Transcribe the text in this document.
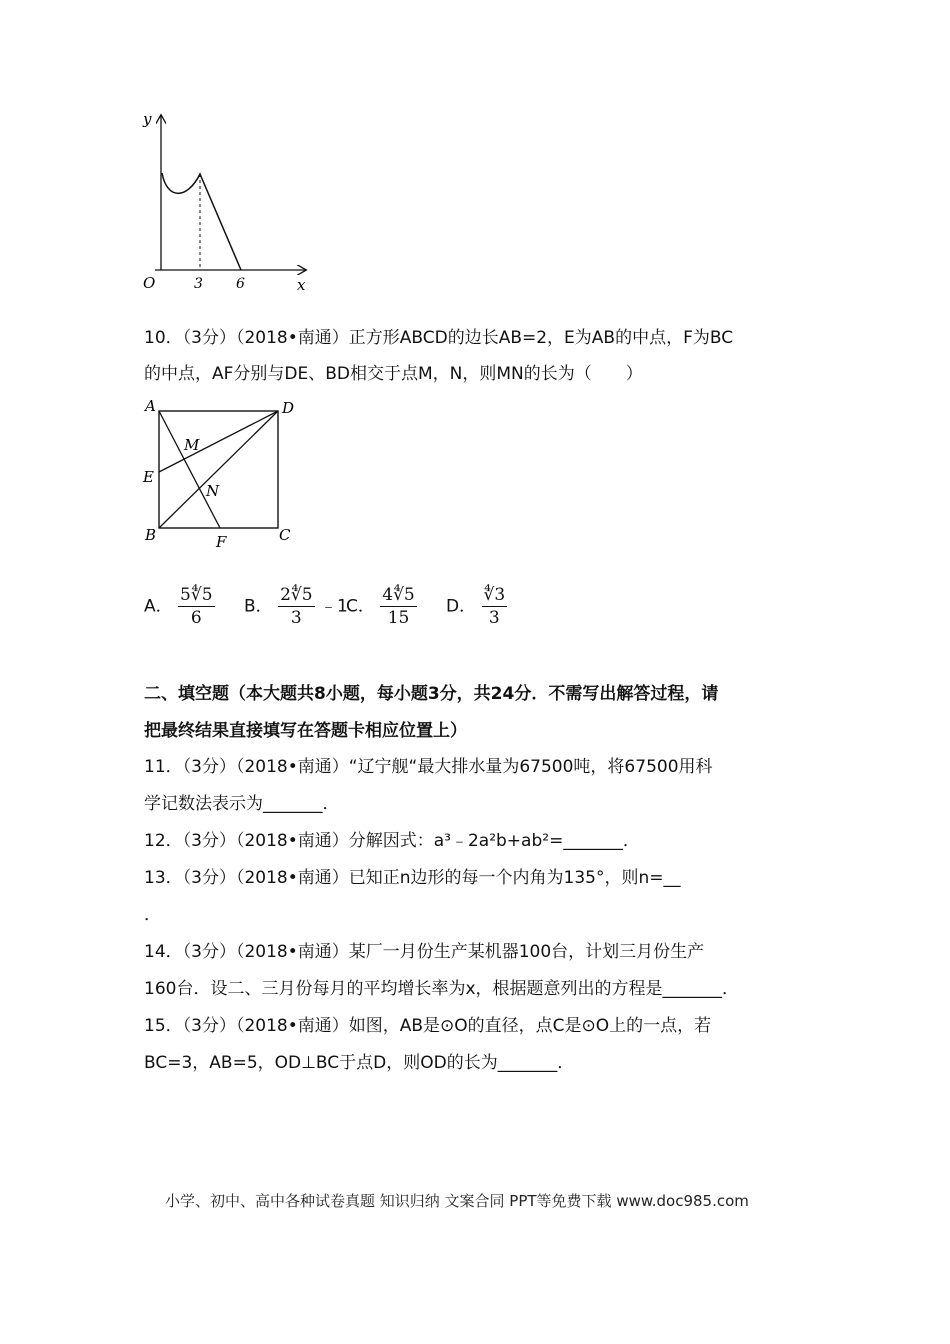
y
O	3 6	x
10．（3分）（2018•南通）正方形ABCD的边长AB=2，E为AB的中点，F为BC
的中点，AF分别与DE、BD相交于点M，N，则MN的长为（　　）
A	D
M
E
N
B	F	C
A． $\frac{5∜5}{6}$ B． $\frac{2∜5}{3}$ ﹣1
C． $\frac{4∜5}{15}$ D． $\frac{∜3}{3}$
二、填空题（本大题共8小题，每小题3分，共24分．不需写出解答过程，请
把最终结果直接填写在答题卡相应位置上）
11．（3分）（2018•南通）“辽宁舰“最大排水量为67500吨，将67500用科
学记数法表示为_______．
12．（3分）（2018•南通）分解因式：a³﹣2a²b+ab²=_______．
13．（3分）（2018•南通）已知正n边形的每一个内角为135°，则n=__
．
14．（3分）（2018•南通）某厂一月份生产某机器100台，计划三月份生产
160台．设二、三月份每月的平均增长率为x，根据题意列出的方程是_______．
15．（3分）（2018•南通）如图，AB是⊙O的直径，点C是⊙O上的一点，若
BC=3，AB=5，OD⊥BC于点D，则OD的长为_______．
小学、初中、高中各种试卷真题 知识归纳 文案合同 PPT等免费下载 www.doc985.com
